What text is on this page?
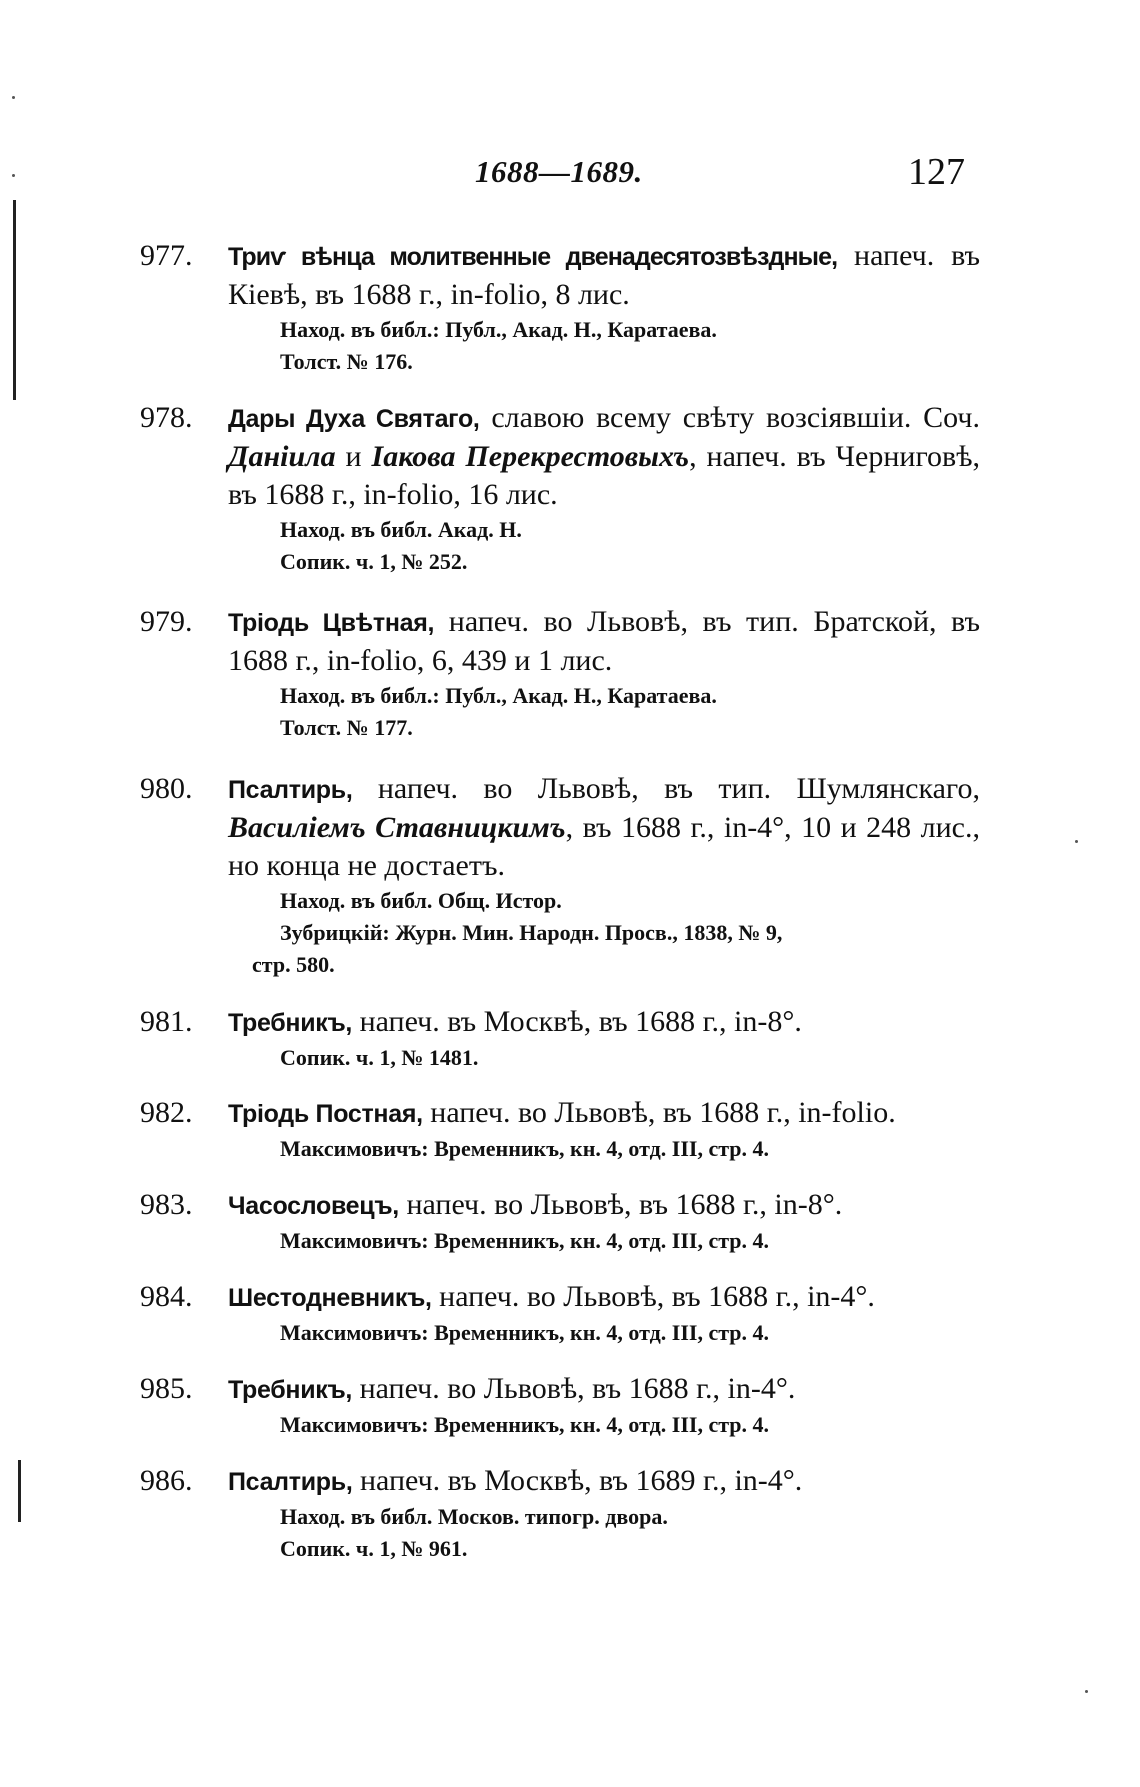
1688—1689.	127
977. Триѵ вѣнца молитвенные двенадесятозвѣздные, напеч. въ Кіевѣ, въ 1688 г., in-folio, 8 лис.
Наход. въ библ.: Публ., Акад. Н., Каратаева.
Толст. № 176.
978. Дары Духа Святаго, славою всему свѣту возсіявшіи. Соч. Данiила и Iакова Перекрестовыхъ, напеч. въ Черниговѣ, въ 1688 г., in-folio, 16 лис.
Наход. въ библ. Акад. Н.
Сопик. ч. 1, № 252.
979. Тріодь Цвѣтная, напеч. во Львовѣ, въ тип. Братской, въ 1688 г., in-folio, 6, 439 и 1 лис.
Наход. въ библ.: Публ., Акад. Н., Каратаева.
Толст. № 177.
980. Псалтирь, напеч. во Львовѣ, въ тип. Шумлянскаго, Василіемъ Ставницкимъ, въ 1688 г., in-4°, 10 и 248 лис., но конца не достаетъ.
Наход. въ библ. Общ. Истор.
Зубрицкій: Журн. Мин. Народн. Просв., 1838, № 9,
стр. 580.
981. Требникъ, напеч. въ Москвѣ, въ 1688 г., in-8°.
Сопик. ч. 1, № 1481.
982. Тріодь Постная, напеч. во Львовѣ, въ 1688 г., in-folio.
Максимовичъ: Временникъ, кн. 4, отд. III, стр. 4.
983. Часословецъ, напеч. во Львовѣ, въ 1688 г., in-8°.
Максимовичъ: Временникъ, кн. 4, отд. III, стр. 4.
984. Шестодневникъ, напеч. во Львовѣ, въ 1688 г., in-4°.
Максимовичъ: Временникъ, кн. 4, отд. III, стр. 4.
985. Требникъ, напеч. во Львовѣ, въ 1688 г., in-4°.
Максимовичъ: Временникъ, кн. 4, отд. III, стр. 4.
986. Псалтирь, напеч. въ Москвѣ, въ 1689 г., in-4°.
Наход. въ библ. Москов. типогр. двора.
Сопик. ч. 1, № 961.
